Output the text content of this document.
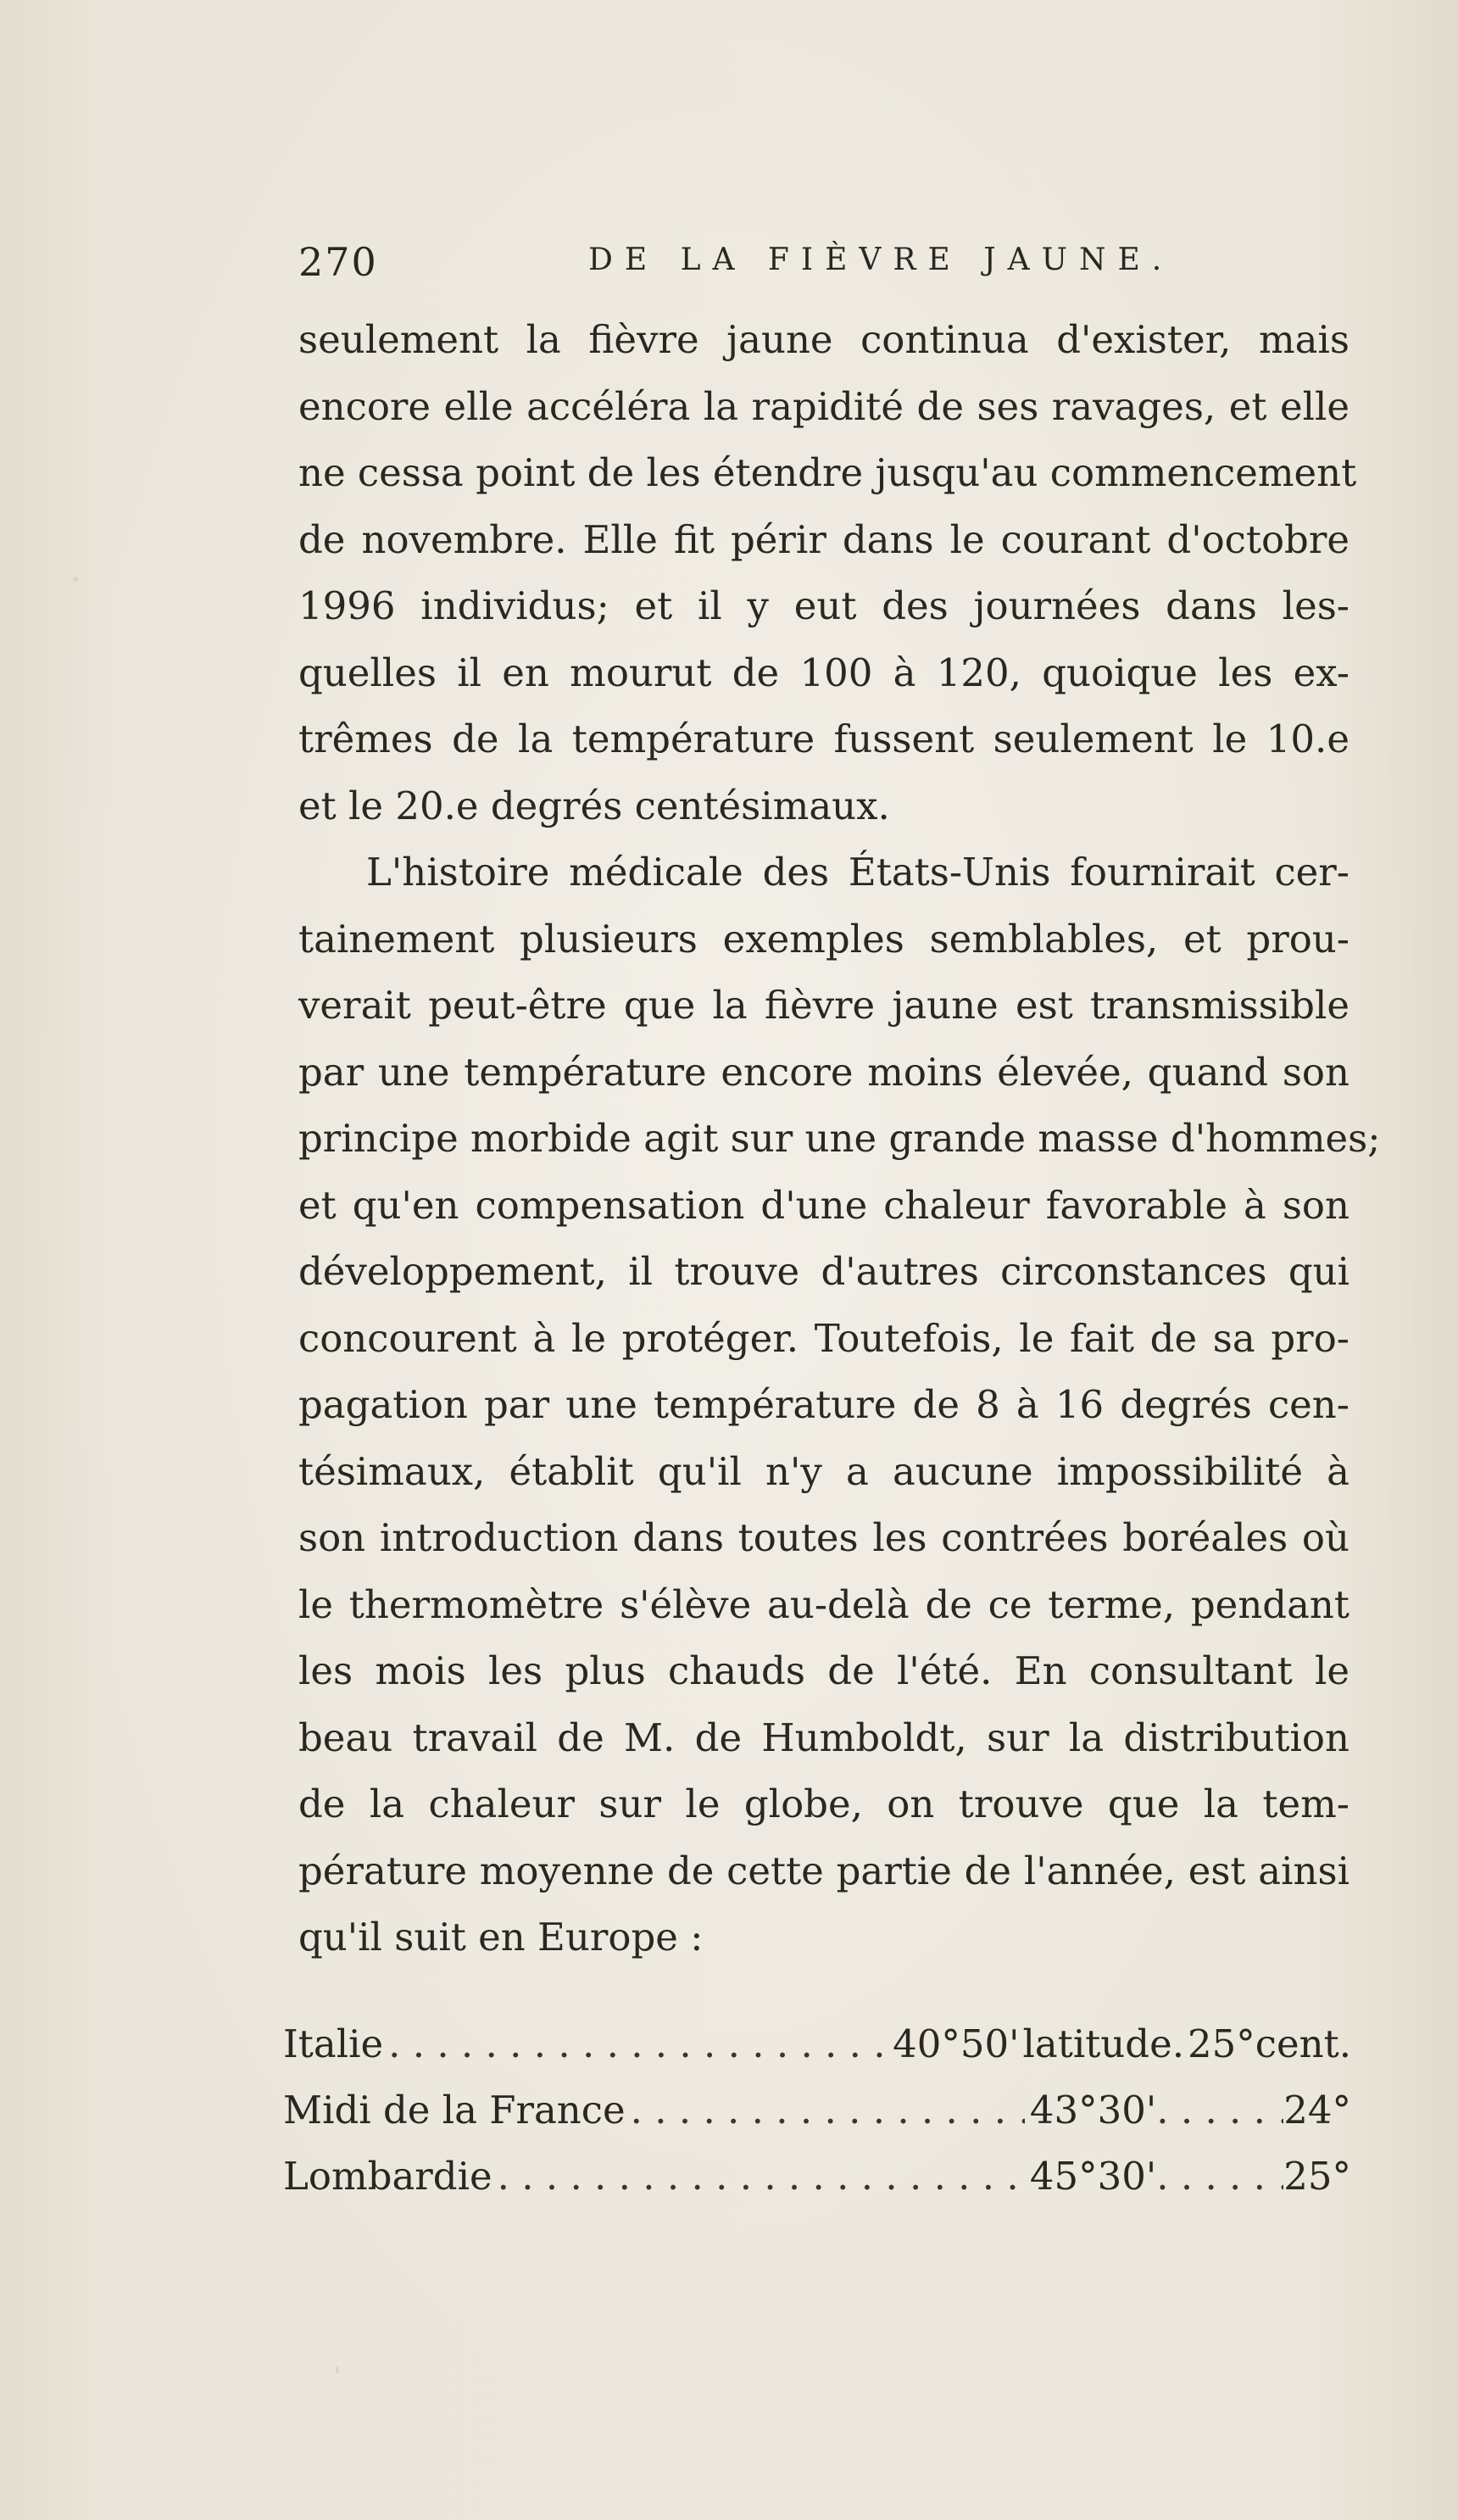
270	DE LA FIÈVRE JAUNE.
seulement la fièvre jaune continua d'exister, mais
encore elle accéléra la rapidité de ses ravages, et elle
ne cessa point de les étendre jusqu'au commencement
de novembre. Elle fit périr dans le courant d'octobre
1996 individus; et il y eut des journées dans les-
quelles il en mourut de 100 à 120, quoique les ex-
trêmes de la température fussent seulement le 10.e
et le 20.e degrés centésimaux.
L'histoire médicale des États-Unis fournirait cer-
tainement plusieurs exemples semblables, et prou-
verait peut-être que la fièvre jaune est transmissible
par une température encore moins élevée, quand son
principe morbide agit sur une grande masse d'hommes;
et qu'en compensation d'une chaleur favorable à son
développement, il trouve d'autres circonstances qui
concourent à le protéger. Toutefois, le fait de sa pro-
pagation par une température de 8 à 16 degrés cen-
tésimaux, établit qu'il n'y a aucune impossibilité à
son introduction dans toutes les contrées boréales où
le thermomètre s'élève au-delà de ce terme, pendant
les mois les plus chauds de l'été. En consultant le
beau travail de M. de Humboldt, sur la distribution
de la chaleur sur le globe, on trouve que la tem-
pérature moyenne de cette partie de l'année, est ainsi
qu'il suit en Europe :
Italie . . .	40°50' latitude. 25°cent.
Midi de la France . . .	43°30' . . .	24°
Lombardie . . .	45°30' . . .	25°
